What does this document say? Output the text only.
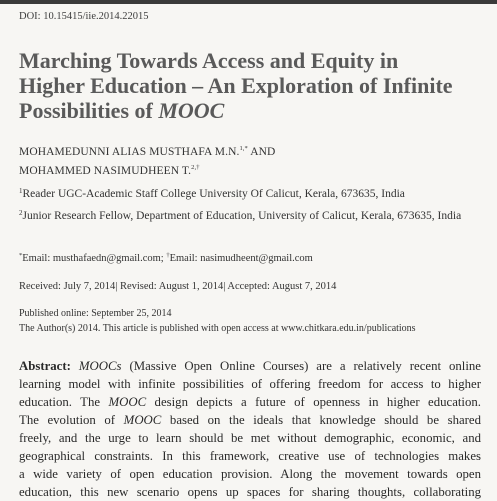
DOI: 10.15415/iie.2014.22015
Marching Towards Access and Equity in
Higher Education – An Exploration of Infinite
Possibilities of MOOC
MOHAMEDUNNI ALIAS MUSTHAFA M.N.$^{1,*}$ AND
MOHAMMED NASIMUDHEEN T.$^{2,\dagger}$
$^1$Reader UGC-Academic Staff College University Of Calicut, Kerala, 673635, India
$^2$Junior Research Fellow, Department of Education, University of Calicut, Kerala, 673635, India
*Email: musthafaedn@gmail.com; †Email: nasimudheent@gmail.com
Received: July 7, 2014| Revised: August 1, 2014| Accepted: August 7, 2014
Published online: September 25, 2014
The Author(s) 2014. This article is published with open access at www.chitkara.edu.in/publications
Abstract: MOOCs (Massive Open Online Courses) are a relatively recent online
learning model with infinite possibilities of offering freedom for access to higher
education. The MOOC design depicts a future of openness in higher education.
The evolution of MOOC based on the ideals that knowledge should be shared
freely, and the urge to learn should be met without demographic, economic, and
geographical constraints. In this framework, creative use of technologies makes
a wide variety of open education provision. Along the movement towards open
education, this new scenario opens up spaces for sharing thoughts, collaborating
